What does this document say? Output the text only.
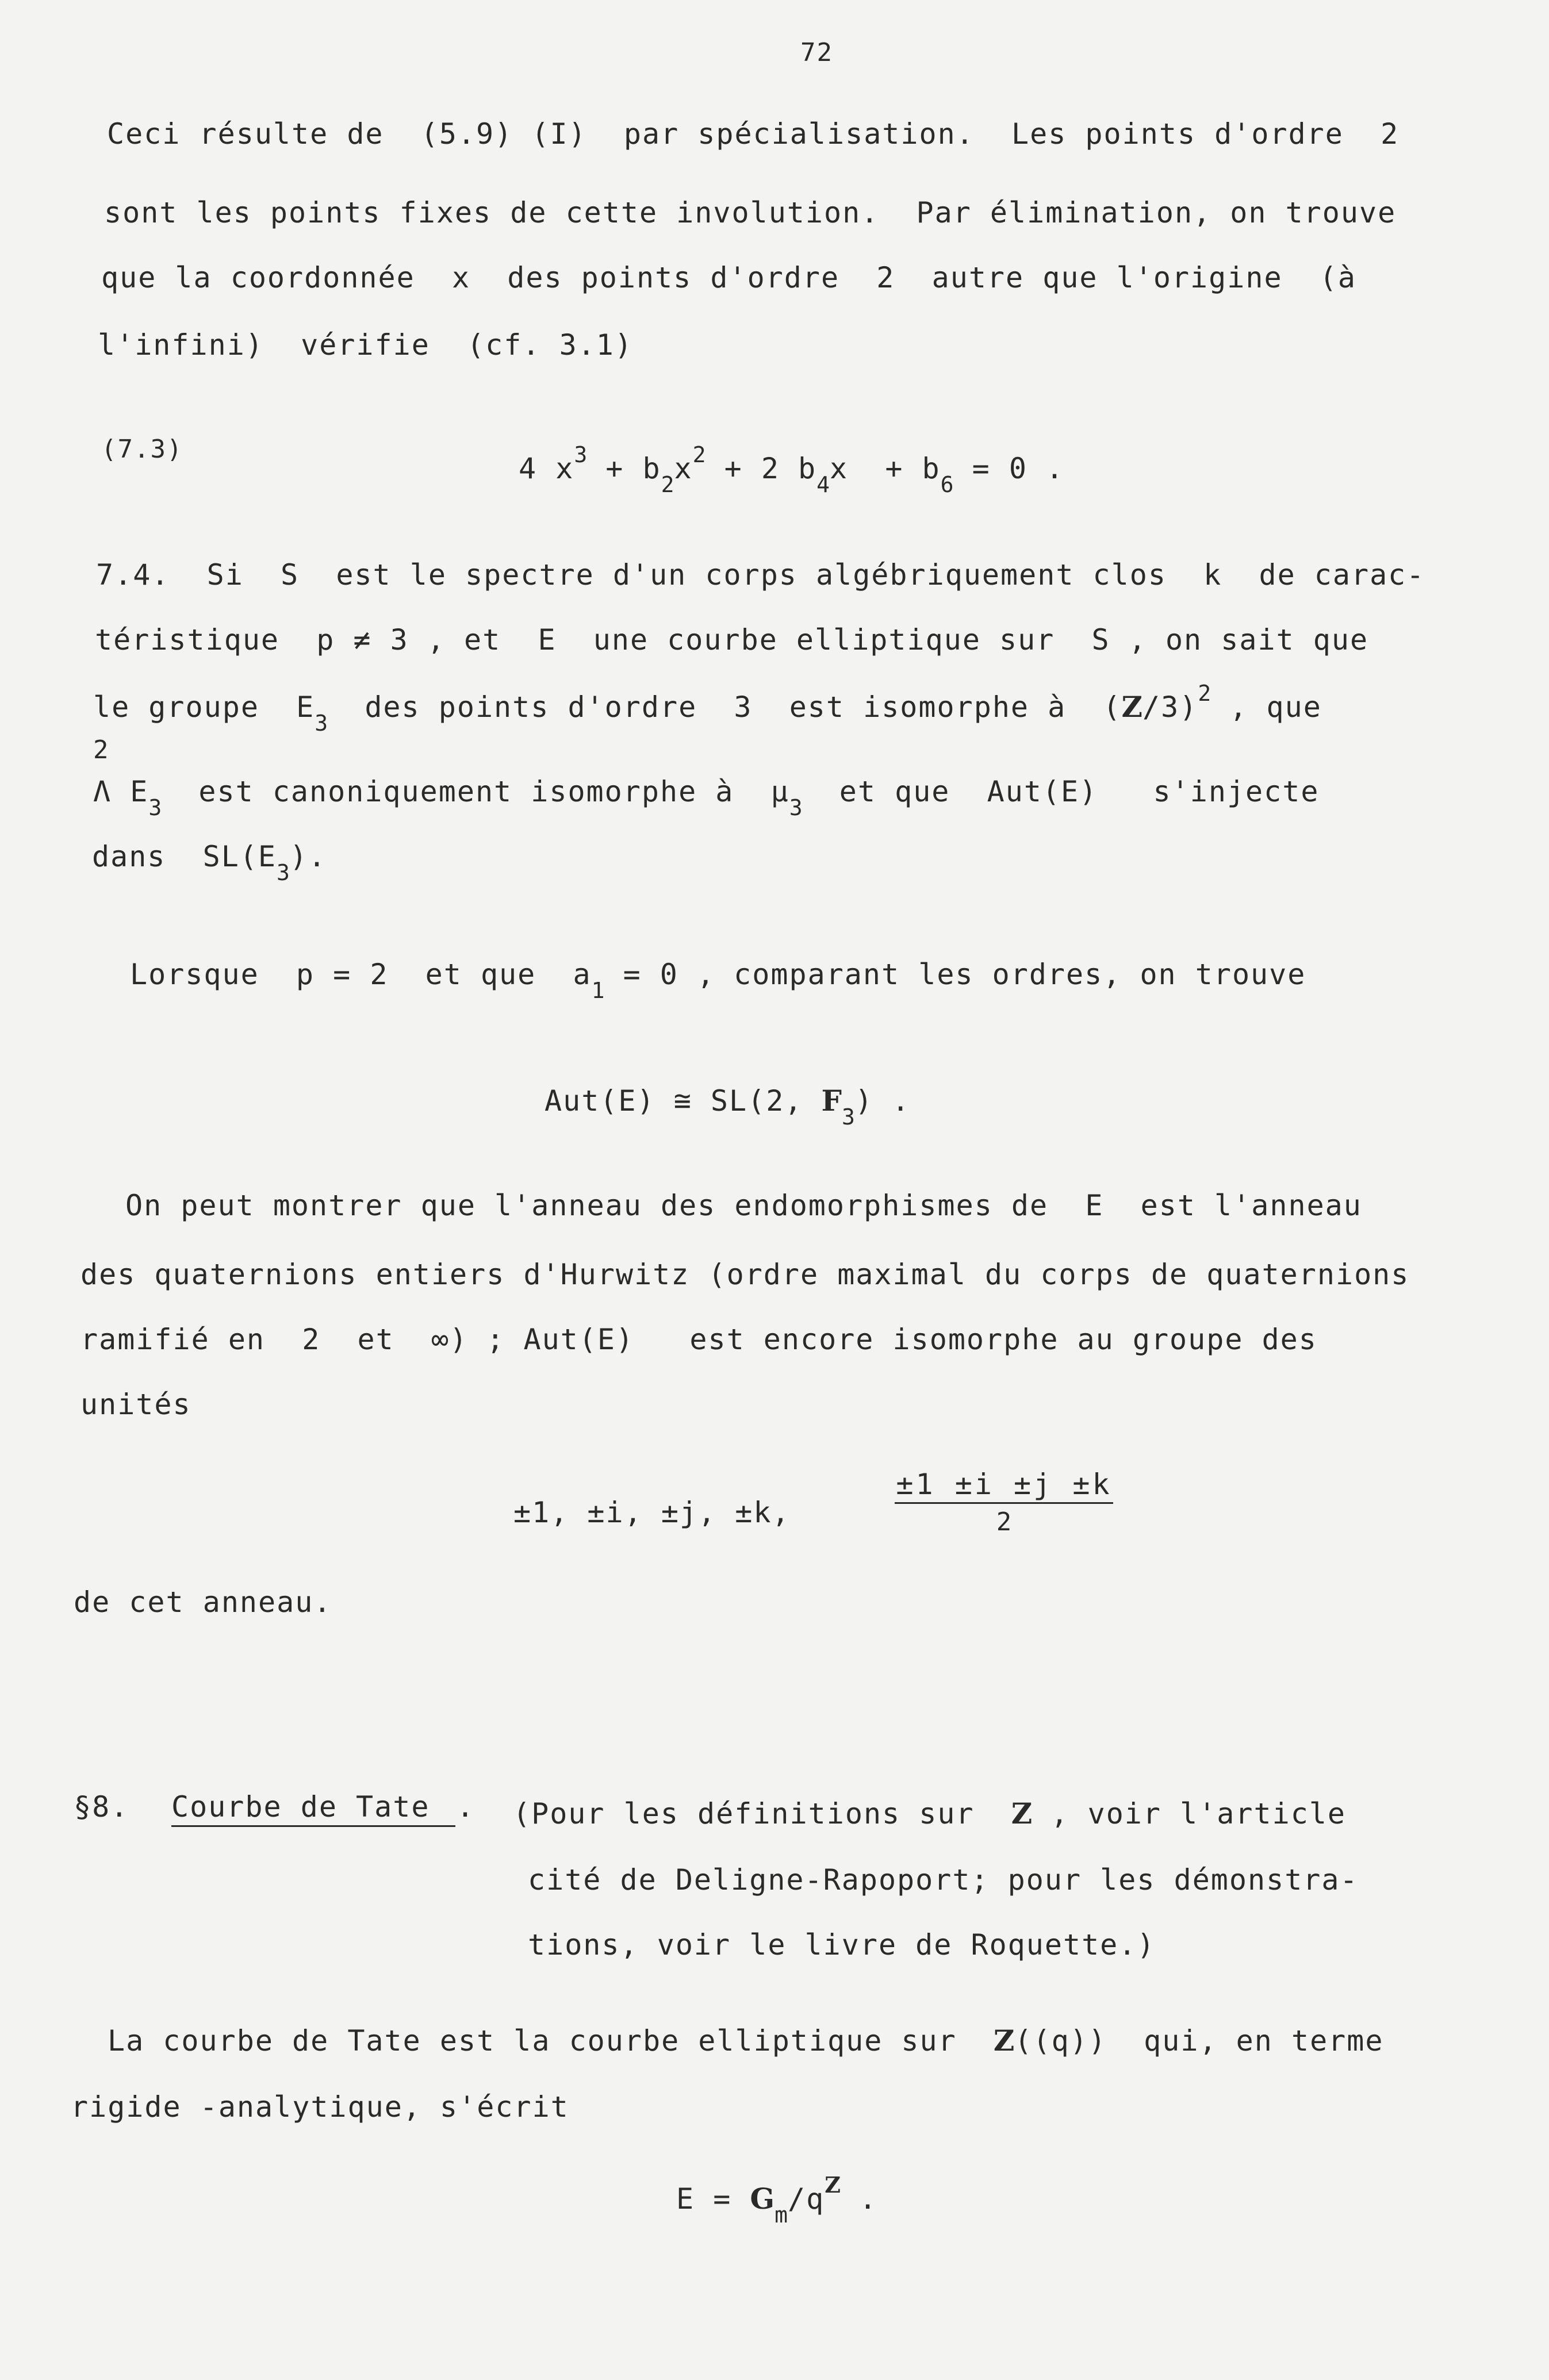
72
Ceci résulte de  (5.9) (I)  par spécialisation.  Les points d'ordre  2
sont les points fixes de cette involution.  Par élimination, on trouve
que la coordonnée  x  des points d'ordre  2  autre que l'origine  (à
l'infini)  vérifie  (cf. 3.1)
(7.3)
4 $x^3 + b_2x^2 + 2$ $b_4x + b_6 = 0$ .
7.4.  Si  S  est le spectre d'un corps algébriquement clos  k  de carac-
téristique  p ≠ 3 , et  E  une courbe elliptique sur  S , on sait que
le groupe  $E_3$  des points d'ordre  3  est isomorphe à  $(Z/3)^2$ , que
2
Λ $E_3$  est canoniquement isomorphe à  $\mu_3$  et que  Aut(E)   s'injecte
dans  $SL(E_3)$.
Lorsque  p = 2  et que  $a_1 = 0$ , comparant les ordres, on trouve
Aut(E) ≅ SL(2, $F_3$) .
On peut montrer que l'anneau des endomorphismes de  E  est l'anneau
des quaternions entiers d'Hurwitz (ordre maximal du corps de quaternions
ramifié en  2  et  ∞) ; Aut(E)   est encore isomorphe au groupe des
unités
±1, ±i, ±j, ±k,
±1 ±i ±j ±k
2
de cet anneau.
§8. Courbe de Tate . (Pour les définitions sur  Z , voir l'article
cité de Deligne-Rapoport; pour les démonstra-
tions, voir le livre de Roquette.)
La courbe de Tate est la courbe elliptique sur  Z((q))  qui, en terme
rigide -analytique, s'écrit
$E = G_m/q^Z$ .
